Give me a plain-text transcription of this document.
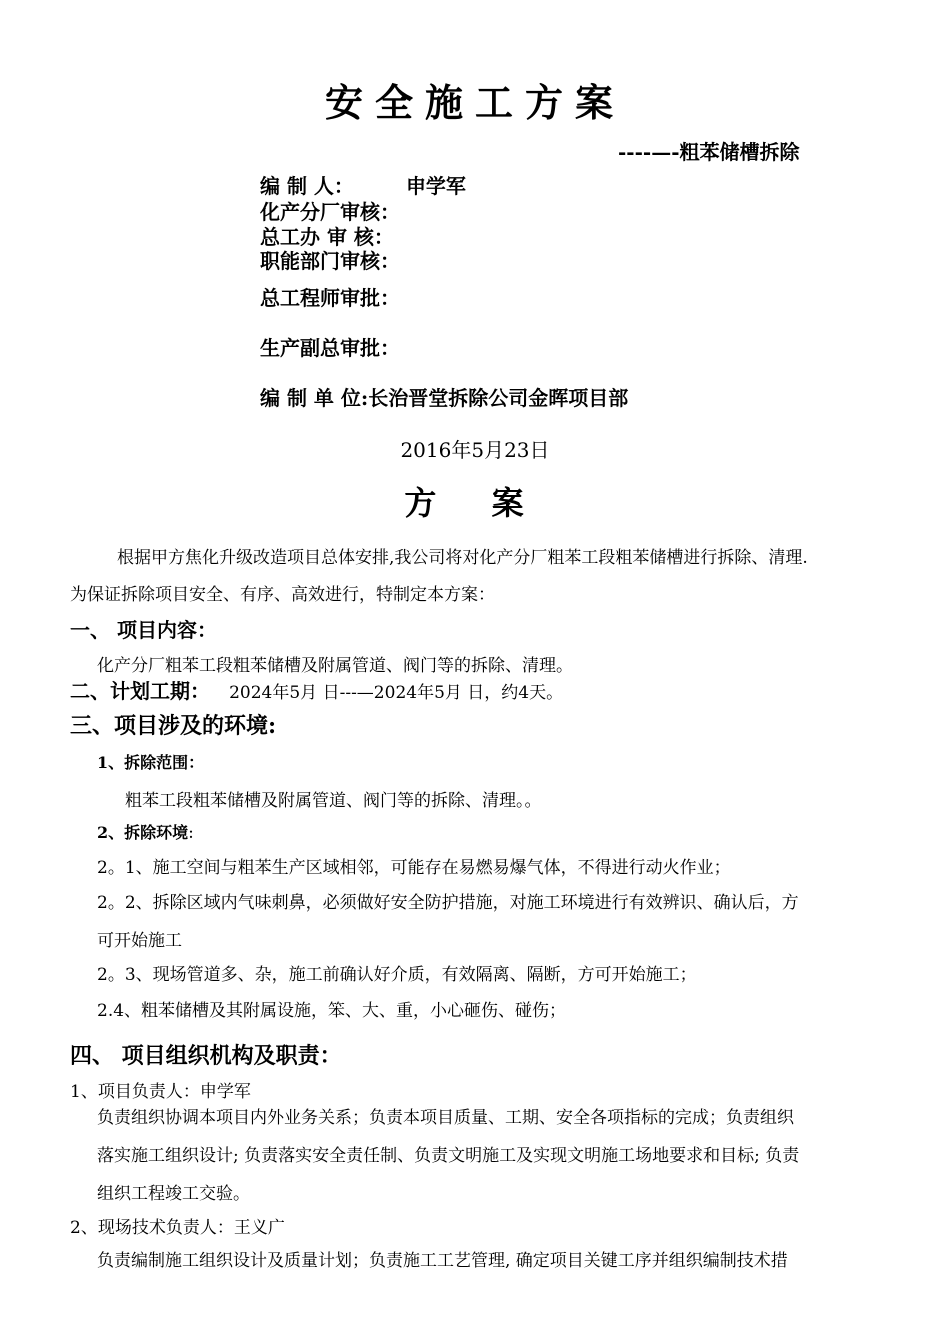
安全施工方案
----—-粗苯储槽拆除
编 制 人：	申学军
化产分厂审核：
总工办 审 核：
职能部门审核：
总工程师审批：
生产副总审批：
编 制 单 位:长治晋堂拆除公司金晖项目部
2016年5月23日
方 案
根据甲方焦化升级改造项目总体安排,我公司将对化产分厂粗苯工段粗苯储槽进行拆除、清理.
为保证拆除项目安全、有序、高效进行，特制定本方案：
一、 项目内容：
化产分厂粗苯工段粗苯储槽及附属管道、阀门等的拆除、清理。
二、计划工期： 2024年5月 日---—2024年5月 日，约4天。
三、项目涉及的环境:
1、拆除范围：
粗苯工段粗苯储槽及附属管道、阀门等的拆除、清理。。
2、拆除环境:
2。1、施工空间与粗苯生产区域相邻，可能存在易燃易爆气体，不得进行动火作业；
2。2、拆除区域内气味刺鼻，必须做好安全防护措施，对施工环境进行有效辨识、确认后，方
可开始施工
2。3、现场管道多、杂，施工前确认好介质，有效隔离、隔断，方可开始施工；
2.4、粗苯储槽及其附属设施，笨、大、重，小心砸伤、碰伤；
四、 项目组织机构及职责：
1、项目负责人：申学军
负责组织协调本项目内外业务关系；负责本项目质量、工期、安全各项指标的完成；负责组织
落实施工组织设计; 负责落实安全责任制、负责文明施工及实现文明施工场地要求和目标; 负责
组织工程竣工交验。
2、现场技术负责人：王义广
负责编制施工组织设计及质量计划；负责施工工艺管理, 确定项目关键工序并组织编制技术措
